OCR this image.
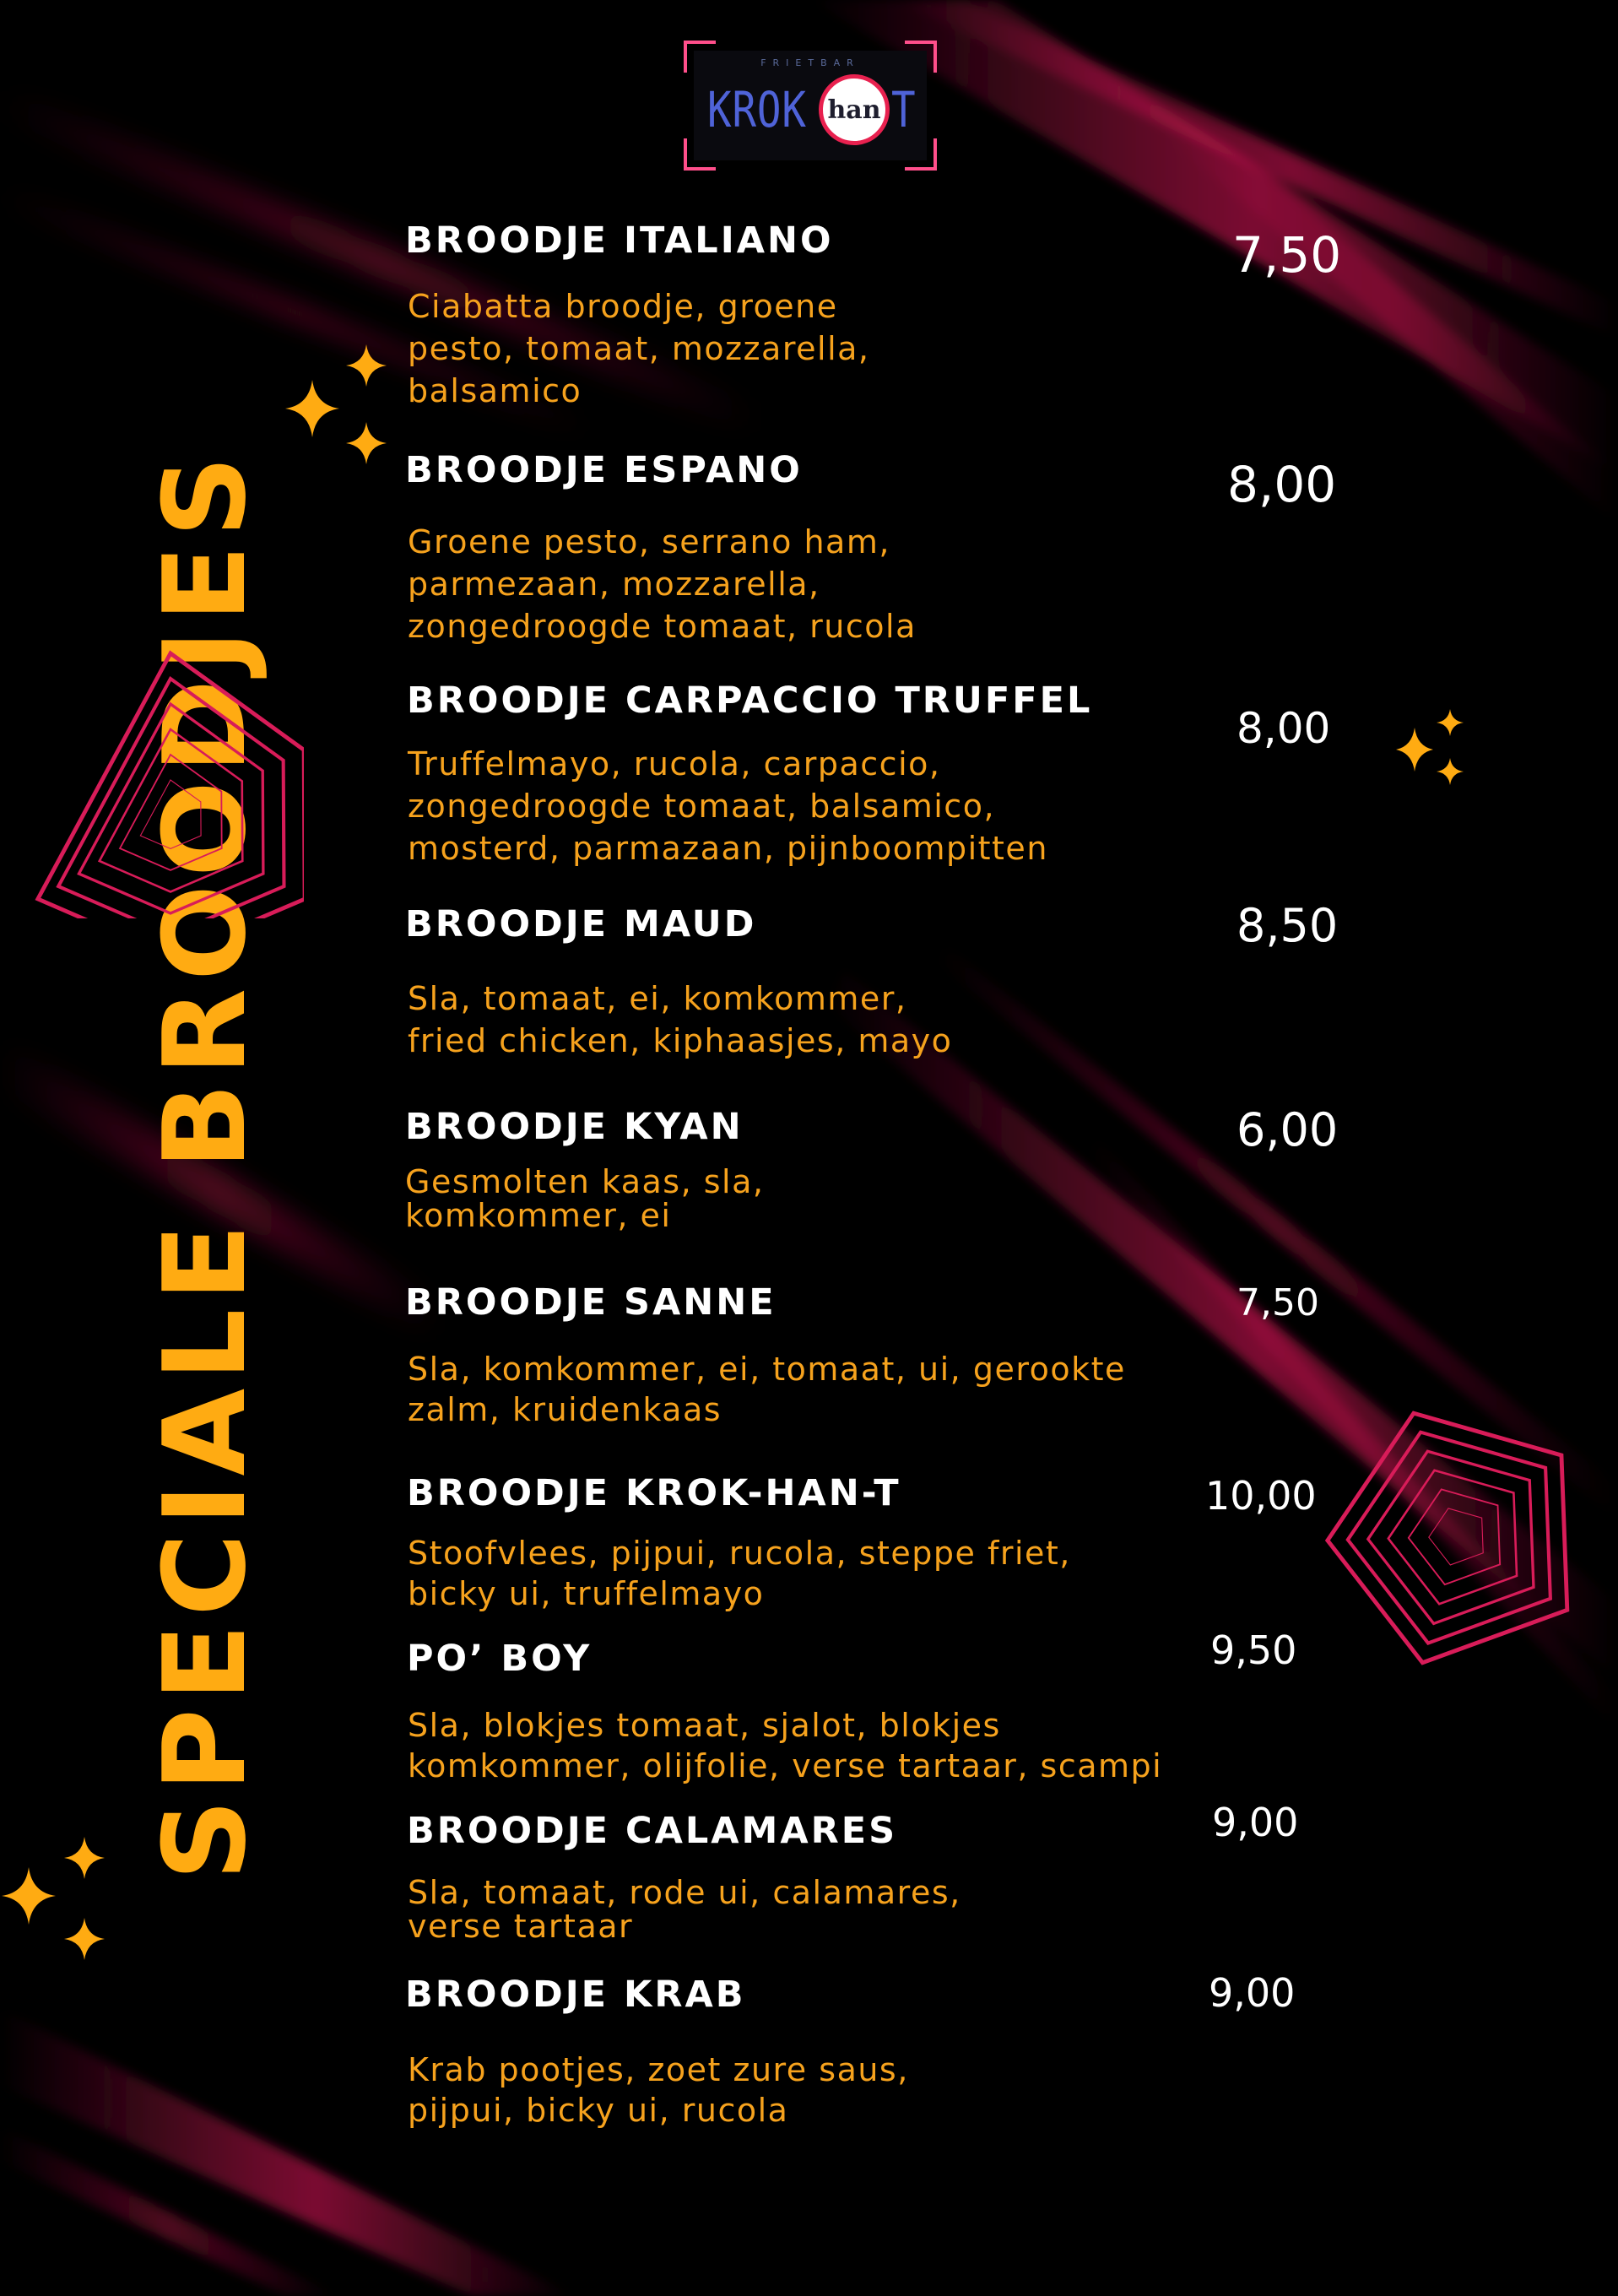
FRIETBAR
KROK han T
SPECIALE BROODJES
BROODJE ITALIANO
Ciabatta broodje, groene
pesto, tomaat, mozzarella,
balsamico
7,50
BROODJE ESPANO
Groene pesto, serrano ham,
parmezaan, mozzarella,
zongedroogde tomaat, rucola
8,00
BROODJE CARPACCIO TRUFFEL
Truffelmayo, rucola, carpaccio,
zongedroogde tomaat, balsamico,
mosterd, parmazaan, pijnboompitten
8,00
BROODJE MAUD
Sla, tomaat, ei, komkommer,
fried chicken, kiphaasjes, mayo
8,50
BROODJE KYAN
Gesmolten kaas, sla,
komkommer, ei
6,00
BROODJE SANNE
Sla, komkommer, ei, tomaat, ui, gerookte
zalm, kruidenkaas
7,50
BROODJE KROK-HAN-T
Stoofvlees, pijpui, rucola, steppe friet,
bicky ui, truffelmayo
10,00
PO’ BOY
Sla, blokjes tomaat, sjalot, blokjes
komkommer, olijfolie, verse tartaar, scampi
9,50
BROODJE CALAMARES
Sla, tomaat, rode ui, calamares,
verse tartaar
9,00
BROODJE KRAB
Krab pootjes, zoet zure saus,
pijpui, bicky ui, rucola
9,00
